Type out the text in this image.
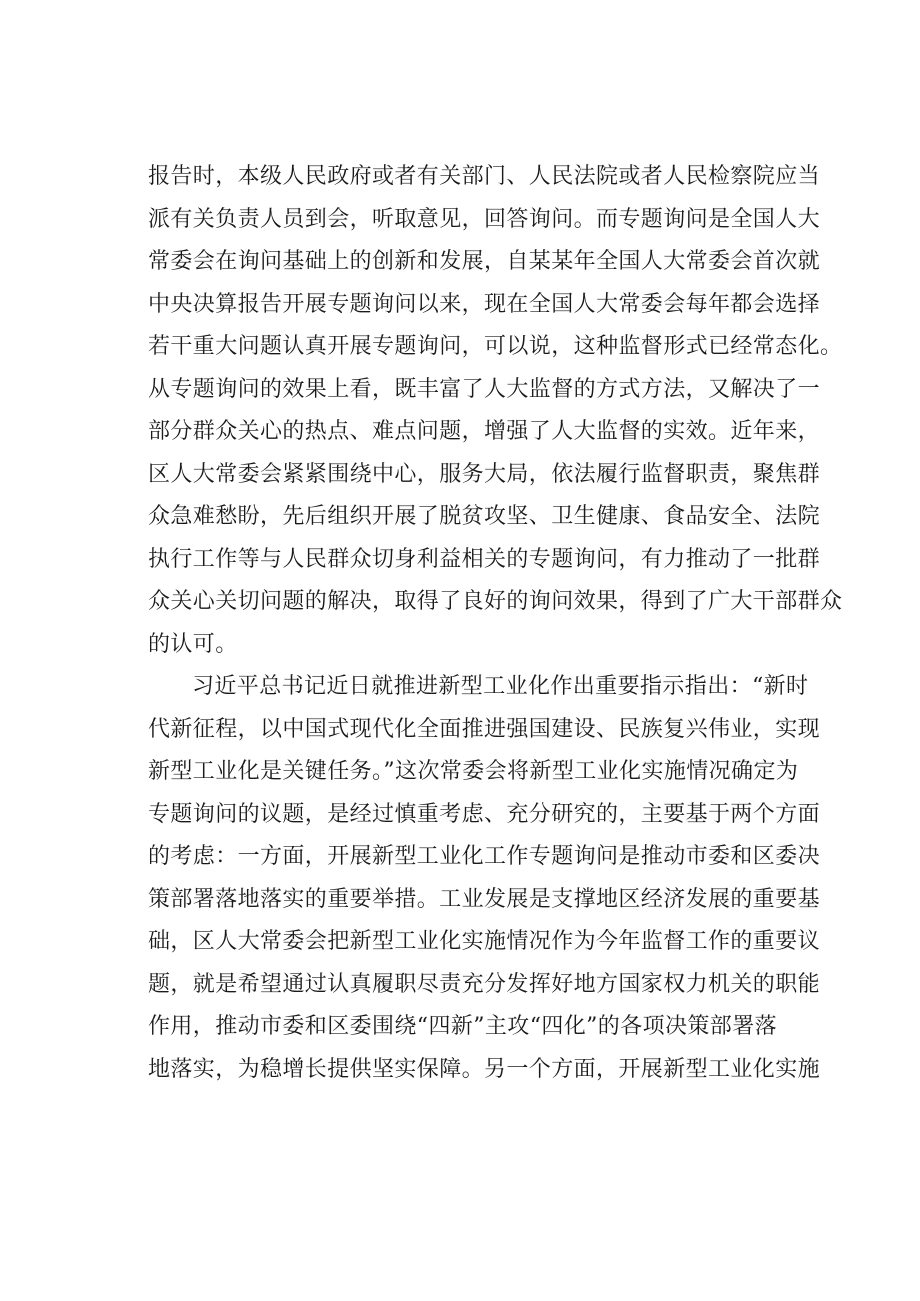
报告时，本级人民政府或者有关部门、人民法院或者人民检察院应当
派有关负责人员到会，听取意见，回答询问。而专题询问是全国人大
常委会在询问基础上的创新和发展，自某某年全国人大常委会首次就
中央决算报告开展专题询问以来，现在全国人大常委会每年都会选择
若干重大问题认真开展专题询问，可以说，这种监督形式已经常态化。
从专题询问的效果上看，既丰富了人大监督的方式方法，又解决了一
部分群众关心的热点、难点问题，增强了人大监督的实效。近年来，
区人大常委会紧紧围绕中心，服务大局，依法履行监督职责，聚焦群
众急难愁盼，先后组织开展了脱贫攻坚、卫生健康、食品安全、法院
执行工作等与人民群众切身利益相关的专题询问，有力推动了一批群
众关心关切问题的解决，取得了良好的询问效果，得到了广大干部群众
的认可。
习近平总书记近日就推进新型工业化作出重要指示指出：“新时
代新征程，以中国式现代化全面推进强国建设、民族复兴伟业，实现
新型工业化是关键任务。”这次常委会将新型工业化实施情况确定为
专题询问的议题，是经过慎重考虑、充分研究的，主要基于两个方面
的考虑：一方面，开展新型工业化工作专题询问是推动市委和区委决
策部署落地落实的重要举措。工业发展是支撑地区经济发展的重要基
础，区人大常委会把新型工业化实施情况作为今年监督工作的重要议
题，就是希望通过认真履职尽责充分发挥好地方国家权力机关的职能
作用，推动市委和区委围绕“四新”主攻“四化”的各项决策部署落
地落实，为稳增长提供坚实保障。另一个方面，开展新型工业化实施
